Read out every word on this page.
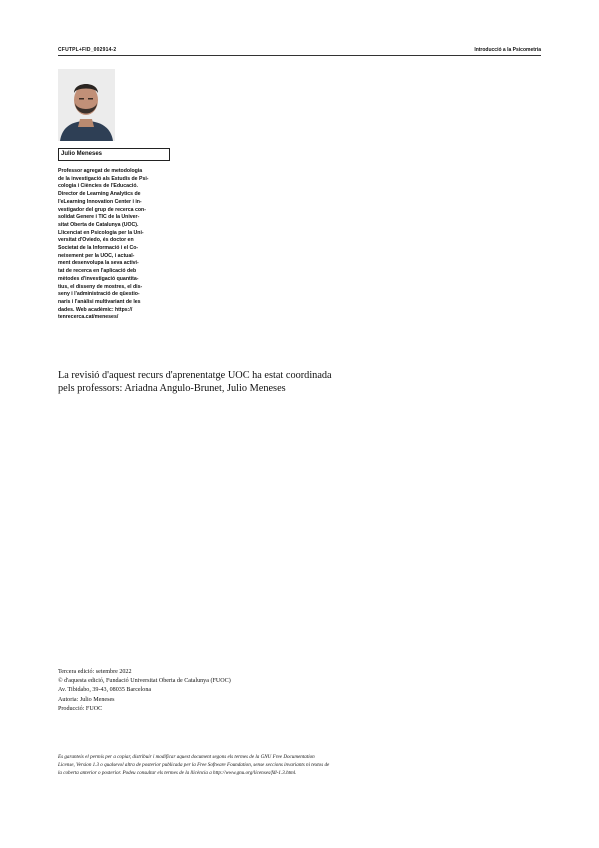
CFUTPL+FID_002914-2	Introducció a la Psicometria
Julio Meneses
Professor agregat de metodologia
de la investigació als Estudis de Psi-
cologia i Ciències de l'Educació.
Director de Learning Analytics de
l'eLearning Innovation Center i in-
vestigador del grup de recerca con-
solidat Genere i TIC de la Univer-
sitat Oberta de Catalunya (UOC).
Llicenciat en Psicologia per la Uni-
versitat d'Oviedo, és doctor en
Societat de la Informació i el Co-
neixement per la UOC, i actual-
ment desenvolupa la seva activi-
tat de recerca en l'aplicació deb
mètodes d'investigació quantita-
tius, el disseny de mostres, el dis-
seny i l'administració de qüestio-
naris i l'anàlisi multivariant de les
dades. Web acadèmic: https://
tenrecerca.cat/meneses/
La revisió d'aquest recurs d'aprenentatge UOC ha estat coordinada
pels professors: Ariadna Angulo-Brunet, Julio Meneses
Tercera edició: setembre 2022
© d'aquesta edició, Fundació Universitat Oberta de Catalunya (FUOC)
Av. Tibidabo, 39-43, 08035 Barcelona
Autoria: Julio Meneses
Producció: FUOC
Es garanteix el permís per a copiar, distribuir i modificar aquest document segons els termes de la GNU Free Documentation
License, Version 1.3 o qualsevol altra de posterior publicada per la Free Software Foundation, sense seccions invariants ni textos de
la coberta anterior o posterior. Podeu consultar els termes de la llicència a http://www.gnu.org/licenses/fdl-1.3.html.
